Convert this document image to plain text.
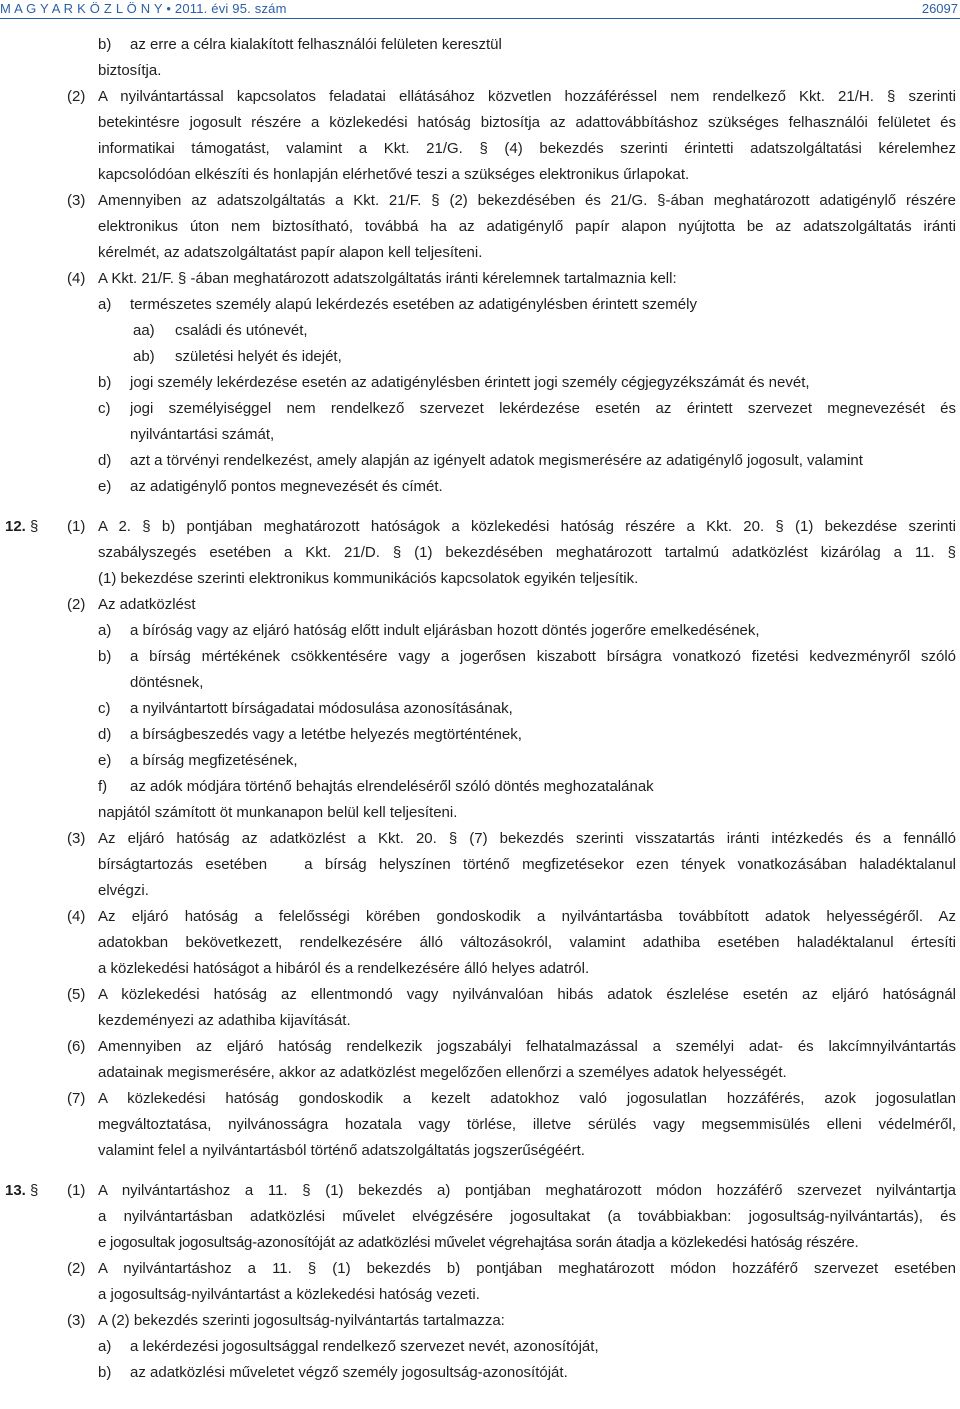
M A G Y A R K Ö Z L Ö N Y • 2011. évi 95. szám	26097
b) az erre a célra kialakított felhasználói felületen keresztül
biztosítja.
(2) A nyilvántartással kapcsolatos feladatai ellátásához közvetlen hozzáféréssel nem rendelkező Kkt. 21/H. § szerinti
betekintésre jogosult részére a közlekedési hatóság biztosítja az adattovábbításhoz szükséges felhasználói felületet és
informatikai támogatást, valamint a Kkt. 21/G. § (4) bekezdés szerinti érintetti adatszolgáltatási kérelemhez
kapcsolódóan elkészíti és honlapján elérhetővé teszi a szükséges elektronikus űrlapokat.
(3) Amennyiben az adatszolgáltatás a Kkt. 21/F. § (2) bekezdésében és 21/G. §-ában meghatározott adatigénylő részére
elektronikus úton nem biztosítható, továbbá ha az adatigénylő papír alapon nyújtotta be az adatszolgáltatás iránti
kérelmét, az adatszolgáltatást papír alapon kell teljesíteni.
(4) A Kkt. 21/F. § -ában meghatározott adatszolgáltatás iránti kérelemnek tartalmaznia kell:
a) természetes személy alapú lekérdezés esetében az adatigénylésben érintett személy
aa) családi és utónevét,
ab) születési helyét és idejét,
b) jogi személy lekérdezése esetén az adatigénylésben érintett jogi személy cégjegyzékszámát és nevét,
c) jogi személyiséggel nem rendelkező szervezet lekérdezése esetén az érintett szervezet megnevezését és
nyilvántartási számát,
d) azt a törvényi rendelkezést, amely alapján az igényelt adatok megismerésére az adatigénylő jogosult, valamint
e) az adatigénylő pontos megnevezését és címét.
12. § (1) A 2. § b) pontjában meghatározott hatóságok a közlekedési hatóság részére a Kkt. 20. § (1) bekezdése szerinti
szabályszegés esetében a Kkt. 21/D. § (1) bekezdésében meghatározott tartalmú adatközlést kizárólag a 11. §
(1) bekezdése szerinti elektronikus kommunikációs kapcsolatok egyikén teljesítik.
(2) Az adatközlést
a) a bíróság vagy az eljáró hatóság előtt indult eljárásban hozott döntés jogerőre emelkedésének,
b) a bírság mértékének csökkentésére vagy a jogerősen kiszabott bírságra vonatkozó fizetési kedvezményről szóló
döntésnek,
c) a nyilvántartott bírságadatai módosulása azonosításának,
d) a bírságbeszedés vagy a letétbe helyezés megtörténtének,
e) a bírság megfizetésének,
f) az adók módjára történő behajtás elrendeléséről szóló döntés meghozatalának
napjától számított öt munkanapon belül kell teljesíteni.
(3) Az eljáró hatóság az adatközlést a Kkt. 20. § (7) bekezdés szerinti visszatartás iránti intézkedés és a fennálló
bírságtartozás esetében   a bírság helyszínen történő megfizetésekor ezen tények vonatkozásában haladéktalanul
elvégzi.
(4) Az eljáró hatóság a felelősségi körében gondoskodik a nyilvántartásba továbbított adatok helyességéről. Az
adatokban bekövetkezett, rendelkezésére álló változásokról, valamint adathiba esetében haladéktalanul értesíti
a közlekedési hatóságot a hibáról és a rendelkezésére álló helyes adatról.
(5) A közlekedési hatóság az ellentmondó vagy nyilvánvalóan hibás adatok észlelése esetén az eljáró hatóságnál
kezdeményezi az adathiba kijavítását.
(6) Amennyiben az eljáró hatóság rendelkezik jogszabályi felhatalmazással a személyi adat- és lakcímnyilvántartás
adatainak megismerésére, akkor az adatközlést megelőzően ellenőrzi a személyes adatok helyességét.
(7) A közlekedési hatóság gondoskodik a kezelt adatokhoz való jogosulatlan hozzáférés, azok jogosulatlan
megváltoztatása, nyilvánosságra hozatala vagy törlése, illetve sérülés vagy megsemmisülés elleni védelméről,
valamint felel a nyilvántartásból történő adatszolgáltatás jogszerűségéért.
13. § (1) A nyilvántartáshoz a 11. § (1) bekezdés a) pontjában meghatározott módon hozzáférő szervezet nyilvántartja
a nyilvántartásban adatközlési művelet elvégzésére jogosultakat (a továbbiakban: jogosultság-nyilvántartás), és
e jogosultak jogosultság-azonosítóját az adatközlési művelet végrehajtása során átadja a közlekedési hatóság részére.
(2) A nyilvántartáshoz a 11. § (1) bekezdés b) pontjában meghatározott módon hozzáférő szervezet esetében
a jogosultság-nyilvántartást a közlekedési hatóság vezeti.
(3) A (2) bekezdés szerinti jogosultság-nyilvántartás tartalmazza:
a) a lekérdezési jogosultsággal rendelkező szervezet nevét, azonosítóját,
b) az adatközlési műveletet végző személy jogosultság-azonosítóját.
